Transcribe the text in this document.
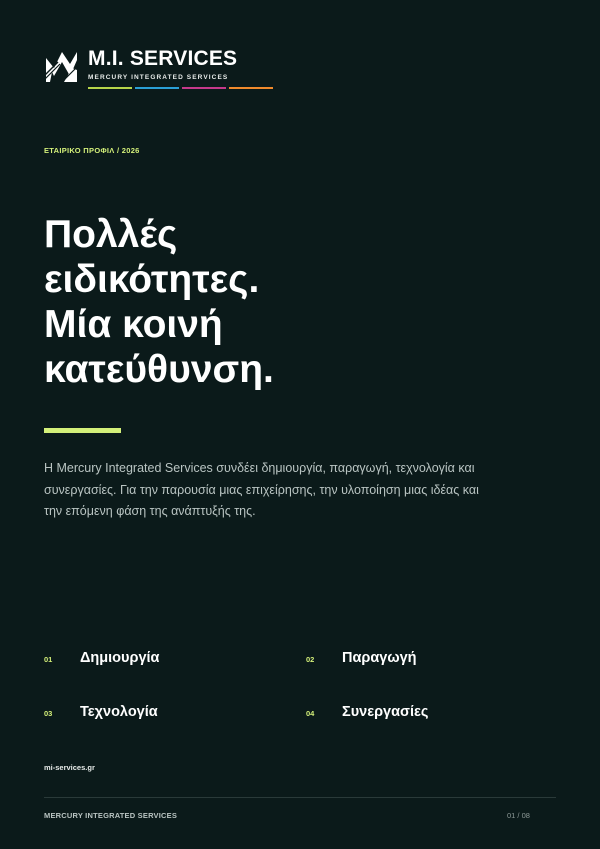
M.I. SERVICES
MERCURY INTEGRATED SERVICES
ΕΤΑΙΡΙΚΟ ΠΡΟΦΙΛ / 2026
Πολλές
ειδικότητες.
Μία κοινή
κατεύθυνση.

Η Mercury Integrated Services συνδέει δημιουργία, παραγωγή, τεχνολογία και συνεργασίες. Για την παρουσία μιας επιχείρησης, την υλοποίηση μιας ιδέας και την επόμενη φάση της ανάπτυξής της.

01	Δημιουργία	02	Παραγωγή
03	Τεχνολογία	04	Συνεργασίες
mi-services.gr
MERCURY INTEGRATED SERVICES	01 / 08
